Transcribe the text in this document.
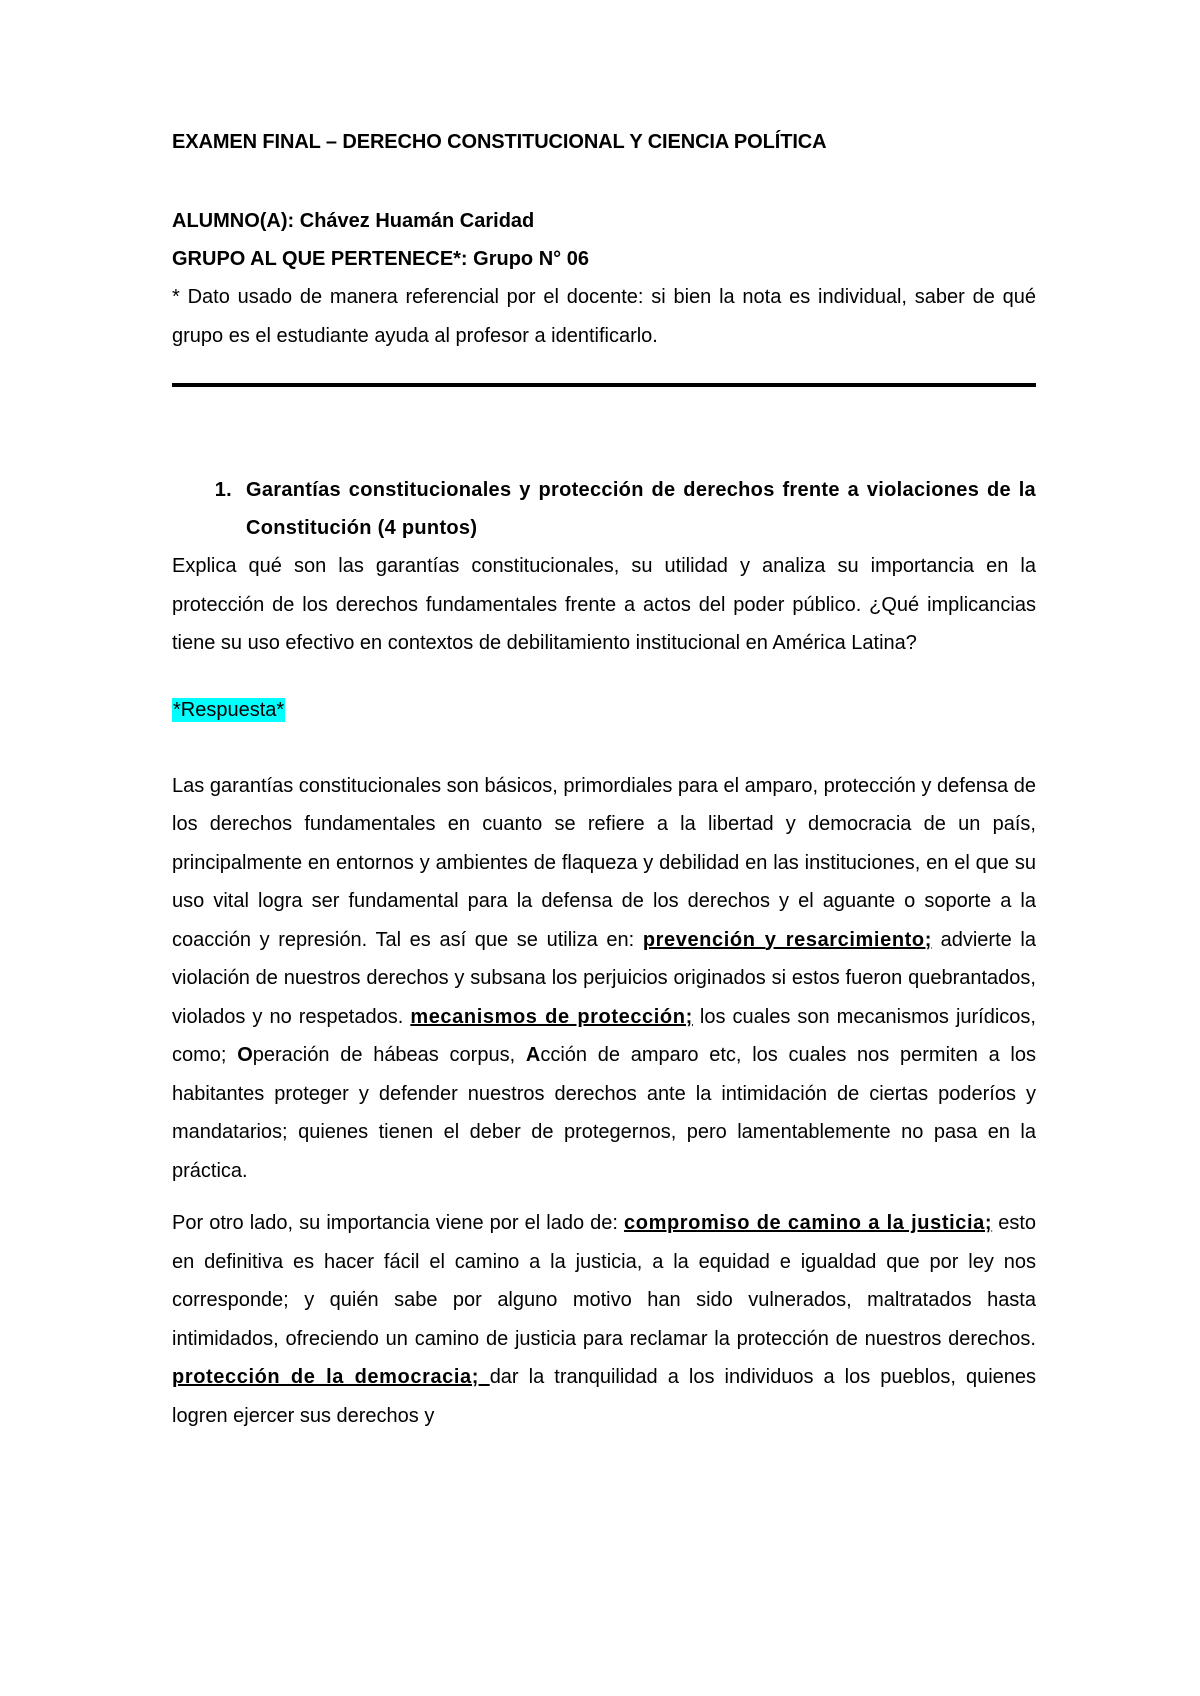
EXAMEN FINAL – DERECHO CONSTITUCIONAL Y CIENCIA POLÍTICA
ALUMNO(A): Chávez Huamán Caridad
GRUPO AL QUE PERTENECE*: Grupo N° 06

* Dato usado de manera referencial por el docente: si bien la nota es individual, saber de qué grupo es el estudiante ayuda al profesor a identificarlo.

1. Garantías constitucionales y protección de derechos frente a violaciones de la Constitución (4 puntos)

Explica qué son las garantías constitucionales, su utilidad y analiza su importancia en la protección de los derechos fundamentales frente a actos del poder público. ¿Qué implicancias tiene su uso efectivo en contextos de debilitamiento institucional en América Latina?

*Respuesta*

Las garantías constitucionales son básicos, primordiales para el amparo, protección y defensa de los derechos fundamentales en cuanto se refiere a la libertad y democracia de un país, principalmente en entornos y ambientes de flaqueza y debilidad en las instituciones, en el que su uso vital logra ser fundamental para la defensa de los derechos y el aguante o soporte a la coacción y represión. Tal es así que se utiliza en: prevención y resarcimiento; advierte la violación de nuestros derechos y subsana los perjuicios originados si estos fueron quebrantados, violados y no respetados. mecanismos de protección; los cuales son mecanismos jurídicos, como; Operación de hábeas corpus, Acción de amparo etc, los cuales nos permiten a los habitantes proteger y defender nuestros derechos ante la intimidación de ciertas poderíos y mandatarios; quienes tienen el deber de protegernos, pero lamentablemente no pasa en la práctica.

Por otro lado, su importancia viene por el lado de: compromiso de camino a la justicia; esto en definitiva es hacer fácil el camino a la justicia, a la equidad e igualdad que por ley nos corresponde; y quién sabe por alguno motivo han sido vulnerados, maltratados hasta intimidados, ofreciendo un camino de justicia para reclamar la protección de nuestros derechos. protección de la democracia; dar la tranquilidad a los individuos a los pueblos, quienes logren ejercer sus derechos y
